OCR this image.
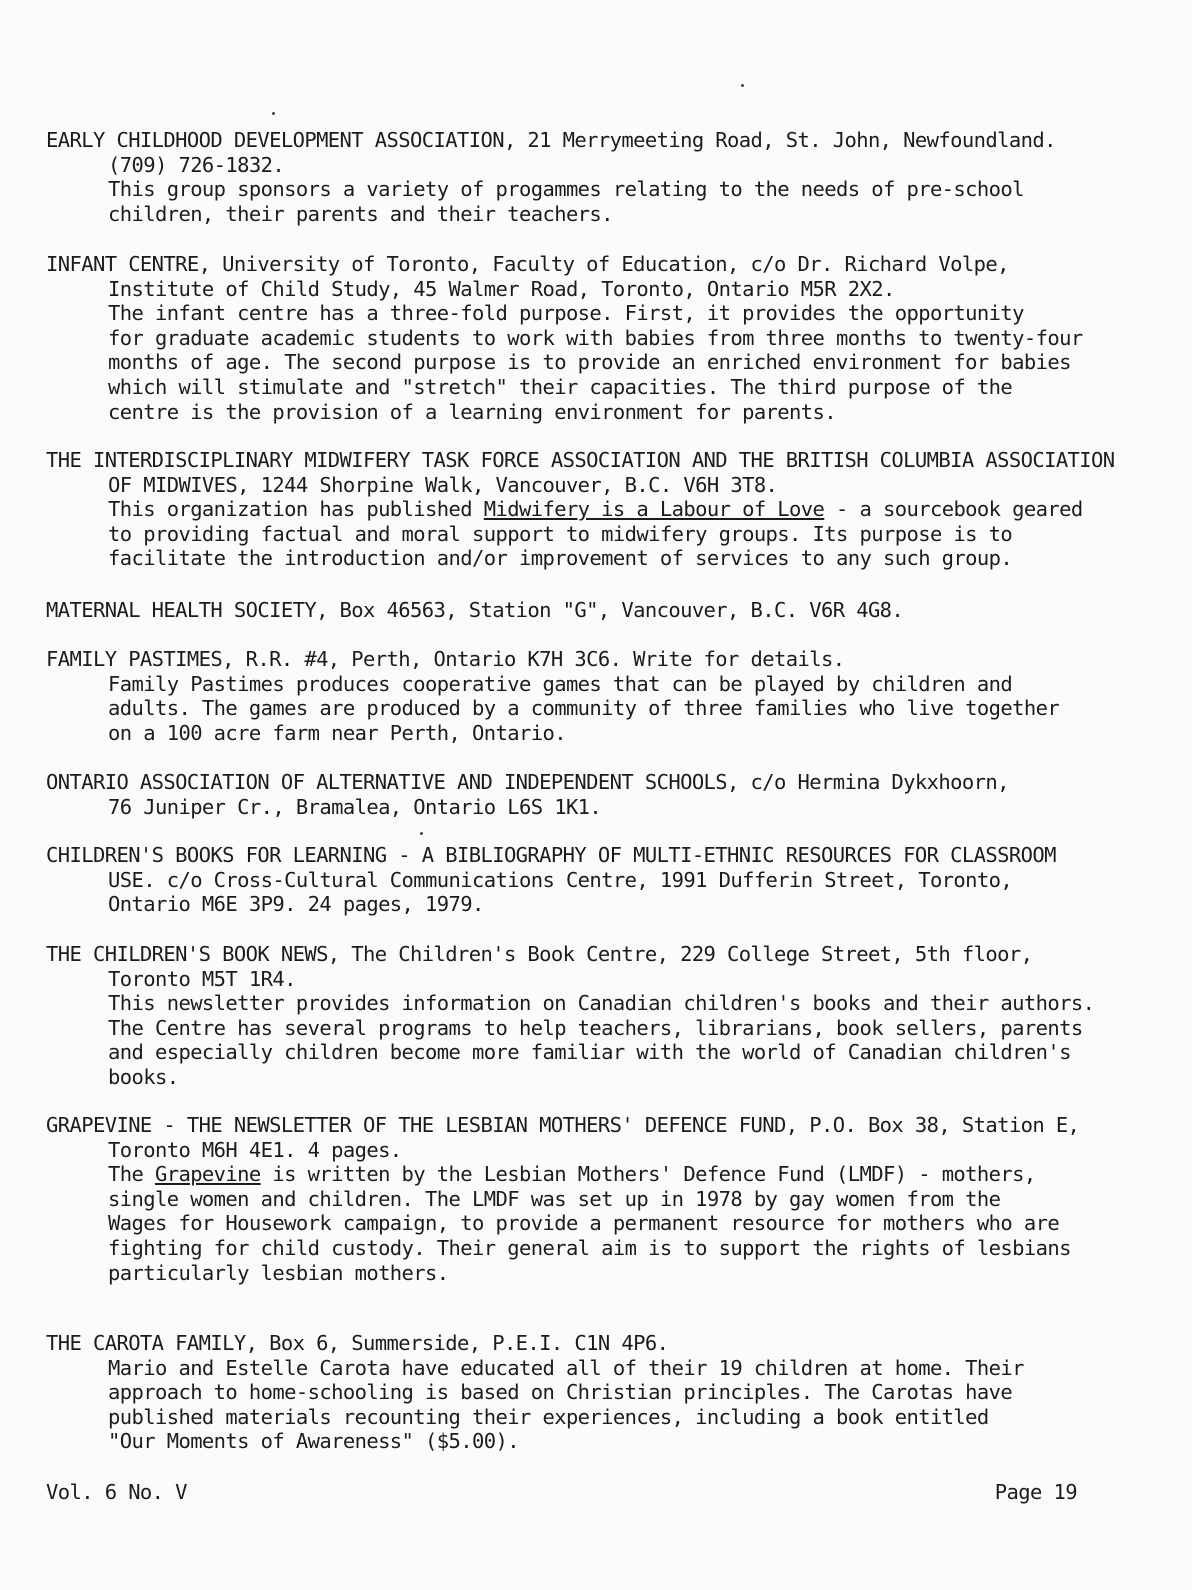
EARLY CHILDHOOD DEVELOPMENT ASSOCIATION, 21 Merrymeeting Road, St. John, Newfoundland.
(709) 726-1832.
This group sponsors a variety of progammes relating to the needs of pre-school
children, their parents and their teachers.
INFANT CENTRE, University of Toronto, Faculty of Education, c/o Dr. Richard Volpe,
Institute of Child Study, 45 Walmer Road, Toronto, Ontario M5R 2X2.
The infant centre has a three-fold purpose. First, it provides the opportunity
for graduate academic students to work with babies from three months to twenty-four
months of age. The second purpose is to provide an enriched environment for babies
which will stimulate and "stretch" their capacities. The third purpose of the
centre is the provision of a learning environment for parents.
THE INTERDISCIPLINARY MIDWIFERY TASK FORCE ASSOCIATION AND THE BRITISH COLUMBIA ASSOCIATION
OF MIDWIVES, 1244 Shorpine Walk, Vancouver, B.C. V6H 3T8.
This organization has published Midwifery is a Labour of Love - a sourcebook geared
to providing factual and moral support to midwifery groups. Its purpose is to
facilitate the introduction and/or improvement of services to any such group.
MATERNAL HEALTH SOCIETY, Box 46563, Station "G", Vancouver, B.C. V6R 4G8.
FAMILY PASTIMES, R.R. #4, Perth, Ontario K7H 3C6. Write for details.
Family Pastimes produces cooperative games that can be played by children and
adults. The games are produced by a community of three families who live together
on a 100 acre farm near Perth, Ontario.
ONTARIO ASSOCIATION OF ALTERNATIVE AND INDEPENDENT SCHOOLS, c/o Hermina Dykxhoorn,
76 Juniper Cr., Bramalea, Ontario L6S 1K1.
CHILDREN'S BOOKS FOR LEARNING - A BIBLIOGRAPHY OF MULTI-ETHNIC RESOURCES FOR CLASSROOM
USE. c/o Cross-Cultural Communications Centre, 1991 Dufferin Street, Toronto,
Ontario M6E 3P9. 24 pages, 1979.
THE CHILDREN'S BOOK NEWS, The Children's Book Centre, 229 College Street, 5th floor,
Toronto M5T 1R4.
This newsletter provides information on Canadian children's books and their authors.
The Centre has several programs to help teachers, librarians, book sellers, parents
and especially children become more familiar with the world of Canadian children's
books.
GRAPEVINE - THE NEWSLETTER OF THE LESBIAN MOTHERS' DEFENCE FUND, P.O. Box 38, Station E,
Toronto M6H 4E1. 4 pages.
The Grapevine is written by the Lesbian Mothers' Defence Fund (LMDF) - mothers,
single women and children. The LMDF was set up in 1978 by gay women from the
Wages for Housework campaign, to provide a permanent resource for mothers who are
fighting for child custody. Their general aim is to support the rights of lesbians
particularly lesbian mothers.
THE CAROTA FAMILY, Box 6, Summerside, P.E.I. C1N 4P6.
Mario and Estelle Carota have educated all of their 19 children at home. Their
approach to home-schooling is based on Christian principles. The Carotas have
published materials recounting their experiences, including a book entitled
"Our Moments of Awareness" ($5.00).
Vol. 6 No. V	Page 19
